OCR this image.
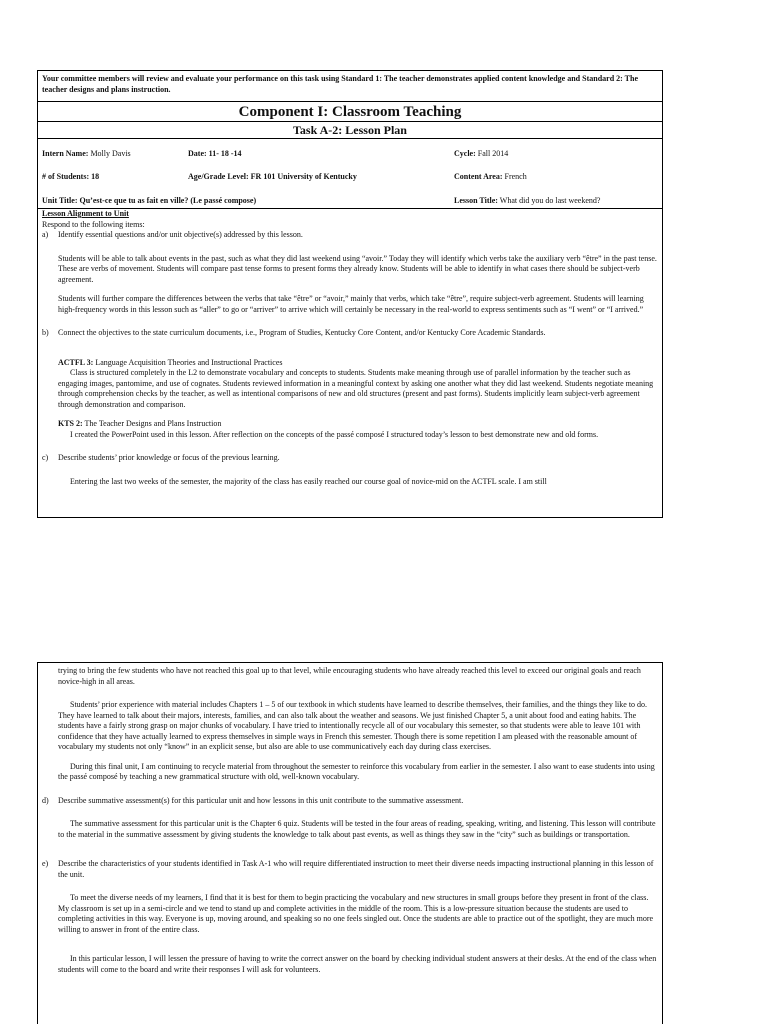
Your committee members will review and evaluate your performance on this task using Standard 1: The teacher demonstrates applied content knowledge and Standard 2: The teacher designs and plans instruction.
Component I: Classroom Teaching
Task A-2: Lesson Plan
Intern Name: Molly Davis	Date: 11- 18 -14	Cycle: Fall 2014
# of Students: 18	Age/Grade Level: FR 101 University of Kentucky	Content Area: French
Unit Title: Qu’est-ce que tu as fait en ville? (Le passé compose)	Lesson Title: What did you do last weekend?

Lesson Alignment to Unit

Respond to the following items:

a)	Identify essential questions and/or unit objective(s) addressed by this lesson.

Students will be able to talk about events in the past, such as what they did last weekend using “avoir.” Today they will identify which verbs take the auxiliary verb “être” in the past tense. These are verbs of movement. Students will compare past tense forms to present forms they already know. Students will be able to identify in what cases there should be subject-verb agreement.

Students will further compare the differences between the verbs that take “être” or “avoir,” mainly that verbs, which take “être”, require subject-verb agreement. Students will learning high-frequency words in this lesson such as “aller” to go or “arriver” to arrive which will certainly be necessary in the real-world to express sentiments such as “I went” or “I arrived.”

b)	Connect the objectives to the state curriculum documents, i.e., Program of Studies, Kentucky Core Content, and/or Kentucky Core Academic Standards.

ACTFL 3: Language Acquisition Theories and Instructional Practices

Class is structured completely in the L2 to demonstrate vocabulary and concepts to students. Students make meaning through use of parallel information by the teacher such as engaging images, pantomime, and use of cognates. Students reviewed information in a meaningful context by asking one another what they did last weekend. Students negotiate meaning through comprehension checks by the teacher, as well as intentional comparisons of new and old structures (present and past forms). Students implicitly learn subject-verb agreement through demonstration and comparison.

KTS 2: The Teacher Designs and Plans Instruction

I created the PowerPoint used in this lesson. After reflection on the concepts of the passé composé I structured today’s lesson to best demonstrate new and old forms.

c)	Describe students’ prior knowledge or focus of the previous learning.

Entering the last two weeks of the semester, the majority of the class has easily reached our course goal of novice-mid on the ACTFL scale. I am still

trying to bring the few students who have not reached this goal up to that level, while encouraging students who have already reached this level to exceed our original goals and reach novice-high in all areas.

Students’ prior experience with material includes Chapters 1 – 5 of our textbook in which students have learned to describe themselves, their families, and the things they like to do. They have learned to talk about their majors, interests, families, and can also talk about the weather and seasons. We just finished Chapter 5, a unit about food and eating habits. The students have a fairly strong grasp on major chunks of vocabulary. I have tried to intentionally recycle all of our vocabulary this semester, so that students were able to leave 101 with confidence that they have actually learned to express themselves in simple ways in French this semester. Though there is some repetition I am pleased with the reasonable amount of vocabulary my students not only “know” in an explicit sense, but also are able to use communicatively each day during class exercises.

During this final unit, I am continuing to recycle material from throughout the semester to reinforce this vocabulary from earlier in the semester. I also want to ease students into using the passé composé by teaching a new grammatical structure with old, well-known vocabulary.

d)	Describe summative assessment(s) for this particular unit and how lessons in this unit contribute to the summative assessment.

The summative assessment for this particular unit is the Chapter 6 quiz. Students will be tested in the four areas of reading, speaking, writing, and listening. This lesson will contribute to the material in the summative assessment by giving students the knowledge to talk about past events, as well as things they saw in the “city” such as buildings or transportation.

e)	Describe the characteristics of your students identified in Task A-1 who will require differentiated instruction to meet their diverse needs impacting instructional planning in this lesson of the unit.

To meet the diverse needs of my learners, I find that it is best for them to begin practicing the vocabulary and new structures in small groups before they present in front of the class. My classroom is set up in a semi-circle and we tend to stand up and complete activities in the middle of the room. This is a low-pressure situation because the students are used to completing activities in this way. Everyone is up, moving around, and speaking so no one feels singled out. Once the students are able to practice out of the spotlight, they are much more willing to answer in front of the entire class.

In this particular lesson, I will lessen the pressure of having to write the correct answer on the board by checking individual student answers at their desks. At the end of the class when students will come to the board and write their responses I will ask for volunteers.
